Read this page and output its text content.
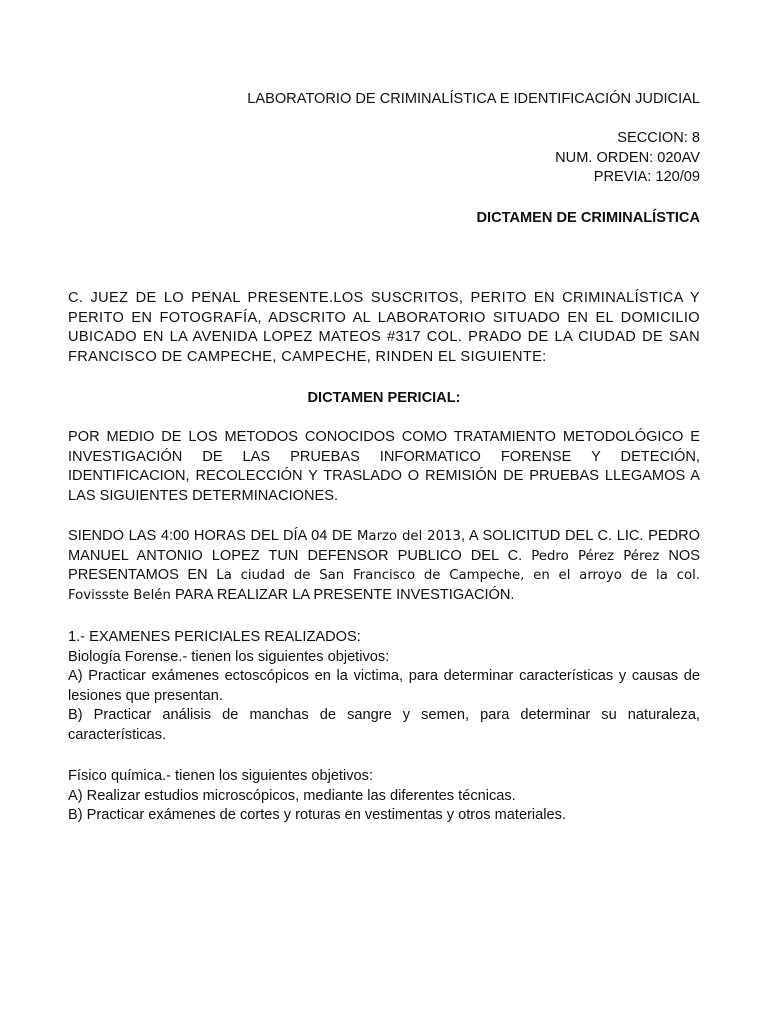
LABORATORIO DE CRIMINALÍSTICA E IDENTIFICACIÓN JUDICIAL
SECCION: 8
NUM. ORDEN: 020AV
PREVIA: 120/09
DICTAMEN DE CRIMINALÍSTICA

C. JUEZ DE LO PENAL PRESENTE.LOS SUSCRITOS, PERITO EN CRIMINALÍSTICA Y PERITO EN FOTOGRAFÍA, ADSCRITO AL LABORATORIO SITUADO EN EL DOMICILIO UBICADO EN LA AVENIDA LOPEZ MATEOS #317 COL. PRADO DE LA CIUDAD DE SAN FRANCISCO DE CAMPECHE, CAMPECHE, RINDEN EL SIGUIENTE:

DICTAMEN PERICIAL:

POR MEDIO DE LOS METODOS CONOCIDOS COMO TRATAMIENTO METODOLÓGICO E INVESTIGACIÓN DE LAS PRUEBAS INFORMATICO FORENSE Y DETECIÓN, IDENTIFICACION, RECOLECCIÓN Y TRASLADO O REMISIÓN DE PRUEBAS LLEGAMOS A LAS SIGUIENTES DETERMINACIONES.

SIENDO LAS 4:00 HORAS DEL DÍA 04 DE Marzo del 2013, A SOLICITUD DEL C. LIC. PEDRO MANUEL ANTONIO LOPEZ TUN DEFENSOR PUBLICO DEL C. Pedro Pérez Pérez NOS PRESENTAMOS EN La ciudad de San Francisco de Campeche, en el arroyo de la col. Fovissste Belén PARA REALIZAR LA PRESENTE INVESTIGACIÓN.

1.- EXAMENES PERICIALES REALIZADOS:
Biología Forense.- tienen los siguientes objetivos:
A) Practicar exámenes ectoscópicos en la victima, para determinar características y causas de lesiones que presentan.
B) Practicar análisis de manchas de sangre y semen, para determinar su naturaleza, características.
Físico química.- tienen los siguientes objetivos:
A) Realizar estudios microscópicos, mediante las diferentes técnicas.
B) Practicar exámenes de cortes y roturas en vestimentas y otros materiales.
